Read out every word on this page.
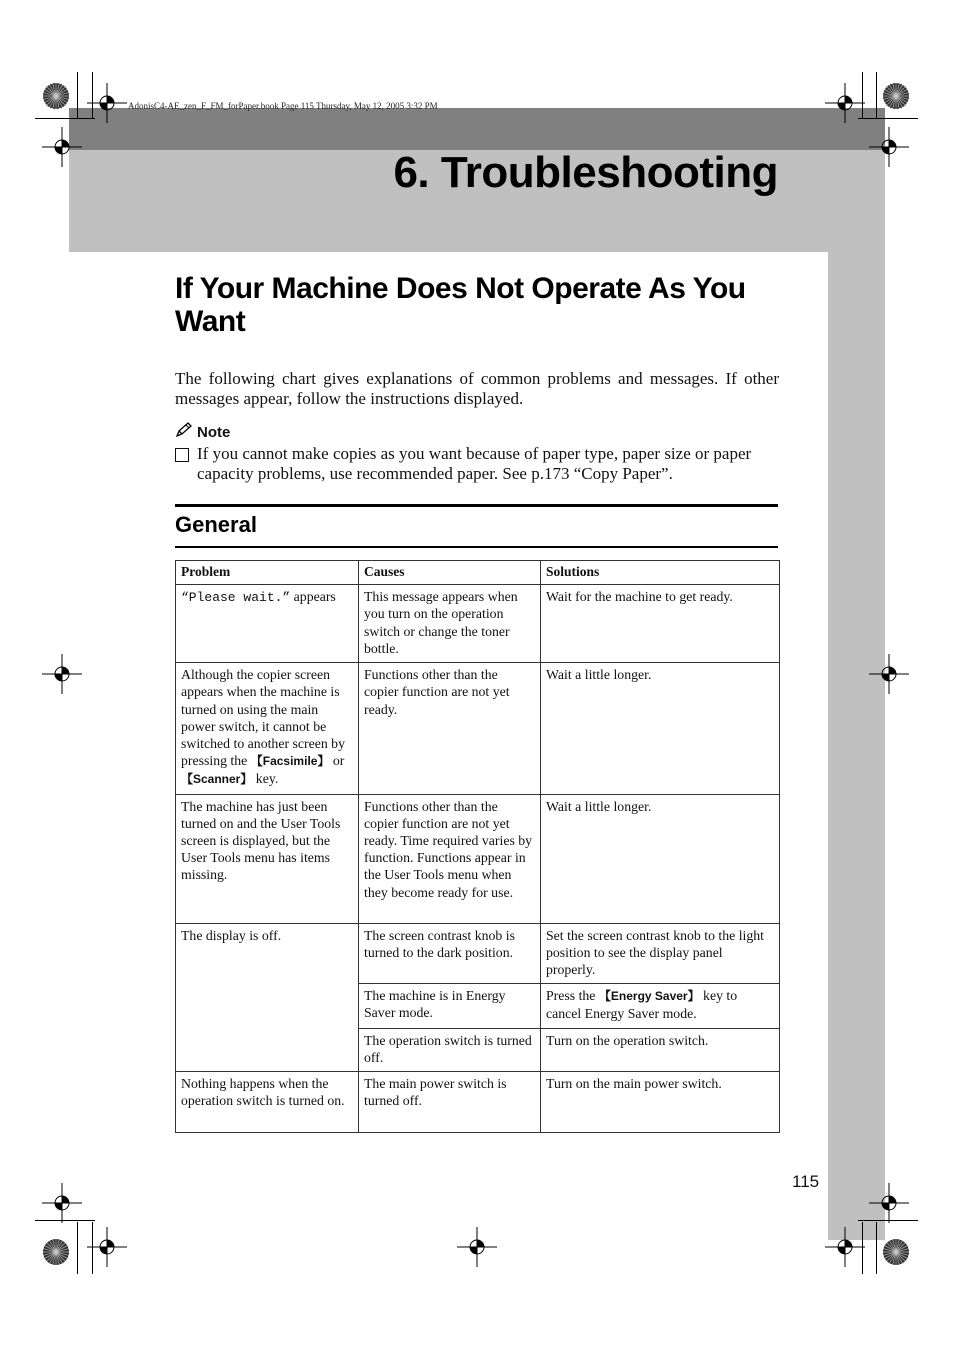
AdonisC4-AE_zen_F_FM_forPaper.book Page 115 Thursday, May 12, 2005 3:32 PM
6. Troubleshooting
If Your Machine Does Not Operate As You Want
The following chart gives explanations of common problems and messages. If other messages appear, follow the instructions displayed.
Note
If you cannot make copies as you want because of paper type, paper size or paper capacity problems, use recommended paper. See p.173 “Copy Paper”.
General
Problem	Causes	Solutions
“Please wait.” appears	This message appears when you turn on the operation switch or change the toner bottle.	Wait for the machine to get ready.
Although the copier screen appears when the machine is turned on using the main power switch, it cannot be switched to another screen by pressing the 【Facsimile】 or 【Scanner】 key.	Functions other than the copier function are not yet ready.	Wait a little longer.
The machine has just been turned on and the User Tools screen is displayed, but the User Tools menu has items missing.	Functions other than the copier function are not yet ready. Time required varies by function. Functions appear in the User Tools menu when they become ready for use.	Wait a little longer.
The display is off.	The screen contrast knob is turned to the dark position.	Set the screen contrast knob to the light position to see the display panel properly.
	The machine is in Energy Saver mode.	Press the 【Energy Saver】 key to cancel Energy Saver mode.
	The operation switch is turned off.	Turn on the operation switch.
Nothing happens when the operation switch is turned on.	The main power switch is turned off.	Turn on the main power switch.
115
